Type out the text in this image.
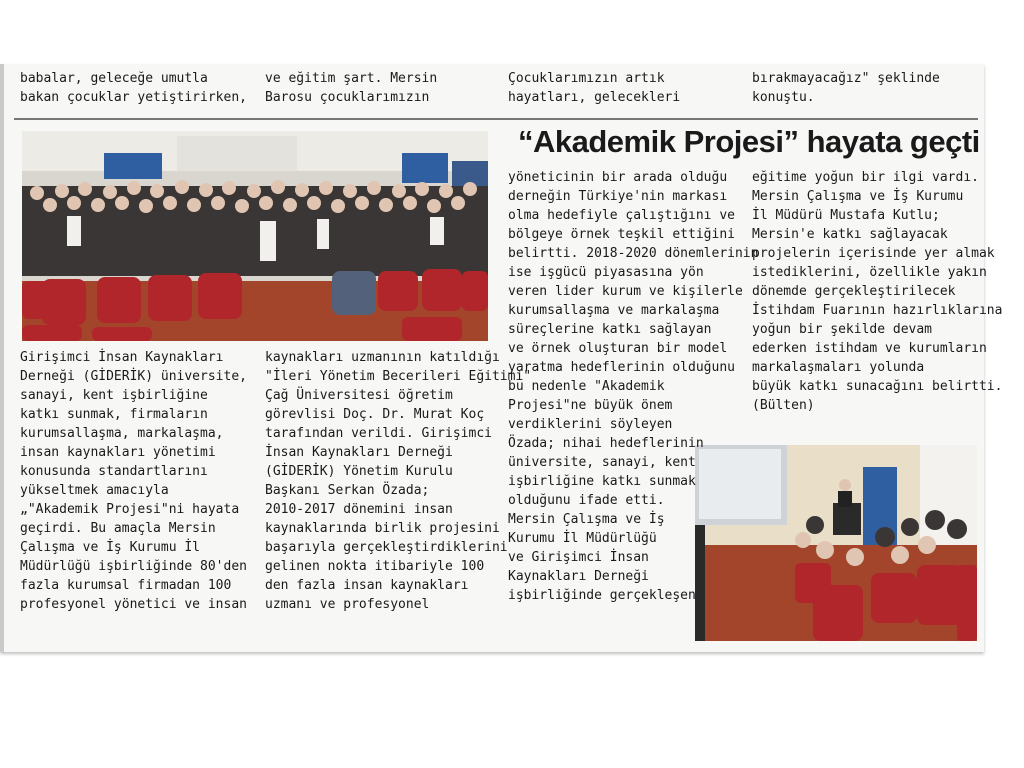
babalar, geleceğe umutla
bakan çocuklar yetiştirirken,
ve eğitim şart. Mersin
Barosu çocuklarımızın
Çocuklarımızın artık
hayatları, gelecekleri
bırakmayacağız" şeklinde
konuştu.
“Akademik Projesi” hayata geçti
Girişimci İnsan Kaynakları
Derneği (GİDERİK) üniversite,
sanayi, kent işbirliğine
katkı sunmak, firmaların
kurumsallaşma, markalaşma,
insan kaynakları yönetimi
konusunda standartlarını
yükseltmek amacıyla
„"Akademik Projesi"ni hayata
geçirdi. Bu amaçla Mersin
Çalışma ve İş Kurumu İl
Müdürlüğü işbirliğinde 80'den
fazla kurumsal firmadan 100
profesyonel yönetici ve insan
kaynakları uzmanının katıldığı
"İleri Yönetim Becerileri Eğitimi"
Çağ Üniversitesi öğretim
görevlisi Doç. Dr. Murat Koç
tarafından verildi. Girişimci
İnsan Kaynakları Derneği
(GİDERİK) Yönetim Kurulu
Başkanı Serkan Özada;
2010-2017 dönemini insan
kaynaklarında birlik projesini
başarıyla gerçekleştirdiklerini
gelinen nokta itibariyle 100
den fazla insan kaynakları
uzmanı ve profesyonel
yöneticinin bir arada olduğu
derneğin Türkiye'nin markası
olma hedefiyle çalıştığını ve
bölgeye örnek teşkil ettiğini
belirtti. 2018-2020 dönemlerinin
ise işgücü piyasasına yön
veren lider kurum ve kişilerle
kurumsallaşma ve markalaşma
süreçlerine katkı sağlayan
ve örnek oluşturan bir model
yaratma hedeflerinin olduğunu
bu nedenle "Akademik
Projesi"ne büyük önem
verdiklerini söyleyen
Özada; nihai hedeflerinin
üniversite, sanayi, kent
işbirliğine katkı sunmak
olduğunu ifade etti.
Mersin Çalışma ve İş
Kurumu İl Müdürlüğü
ve Girişimci İnsan
Kaynakları Derneği
işbirliğinde gerçekleşen
eğitime yoğun bir ilgi vardı.
Mersin Çalışma ve İş Kurumu
İl Müdürü Mustafa Kutlu;
Mersin'e katkı sağlayacak
projelerin içerisinde yer almak
istediklerini, özellikle yakın
dönemde gerçekleştirilecek
İstihdam Fuarının hazırlıklarına
yoğun bir şekilde devam
ederken istihdam ve kurumların
markalaşmaları yolunda
büyük katkı sunacağını belirtti.
(Bülten)
